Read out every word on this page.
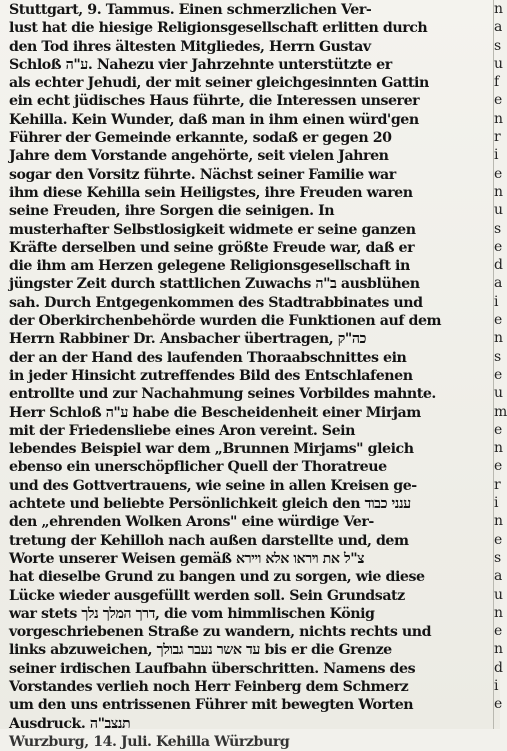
Stuttgart, 9. Tammus. Einen schmerzlichen Ver-
lust hat die hiesige Religionsgesellschaft erlitten durch
den Tod ihres ältesten Mitgliedes, Herrn Gustav
Schloß ע"ה. Nahezu vier Jahrzehnte unterstützte er
als echter Jehudi, der mit seiner gleichgesinnten Gattin
ein echt jüdisches Haus führte, die Interessen unserer
Kehilla. Kein Wunder, daß man in ihm einen würd'gen
Führer der Gemeinde erkannte, sodaß er gegen 20
Jahre dem Vorstande angehörte, seit vielen Jahren
sogar den Vorsitz führte. Nächst seiner Familie war
ihm diese Kehilla sein Heiligstes, ihre Freuden waren
seine Freuden, ihre Sorgen die seinigen. In
musterhafter Selbstlosigkeit widmete er seine ganzen
Kräfte derselben und seine größte Freude war, daß er
die ihm am Herzen gelegene Religionsgesellschaft in
jüngster Zeit durch stattlichen Zuwachs ב"ה ausblühen
sah. Durch Entgegenkommen des Stadtrabbinates und
der Oberkirchenbehörde wurden die Funktionen auf dem
Herrn Rabbiner Dr. Ansbacher übertragen, כה"ק
der an der Hand des laufenden Thoraabschnittes ein
in jeder Hinsicht zutreffendes Bild des Entschlafenen
entrollte und zur Nachahmung seines Vorbildes mahnte.
Herr Schloß ע"ה habe die Bescheidenheit einer Mirjam
mit der Friedensliebe eines Aron vereint. Sein
lebendes Beispiel war dem „Brunnen Mirjams" gleich
ebenso ein unerschöpflicher Quell der Thoratreue
und des Gottvertrauens, wie seine in allen Kreisen ge-
achtete und beliebte Persönlichkeit gleich den ענני כבוד
den „ehrenden Wolken Arons" eine würdige Ver-
tretung der Kehilloh nach außen darstellte und, dem
Worte unserer Weisen gemäß צ"ל את ויראו אלא ויירא
hat dieselbe Grund zu bangen und zu sorgen, wie diese
Lücke wieder ausgefüllt werden soll. Sein Grundsatz
war stets דרך המלך נלך, die vom himmlischen König
vorgeschriebenen Straße zu wandern, nichts rechts und
links abzuweichen, עד אשר נעבר גבולך bis er die Grenze
seiner irdischen Laufbahn überschritten. Namens des
Vorstandes verlieh noch Herr Feinberg dem Schmerz
um den uns entrissenen Führer mit bewegten Worten
Ausdruck. תנצב"ה
Wurzburg, 14. Juli. Kehilla Würzburg
n
a
s
u
f
e
n
r
i
e
n
u
s
e
d
a
i
e
n
s
e
u
m
e
n
e
r
i
n
e
s
a
u
n
e
n
d
i
e
